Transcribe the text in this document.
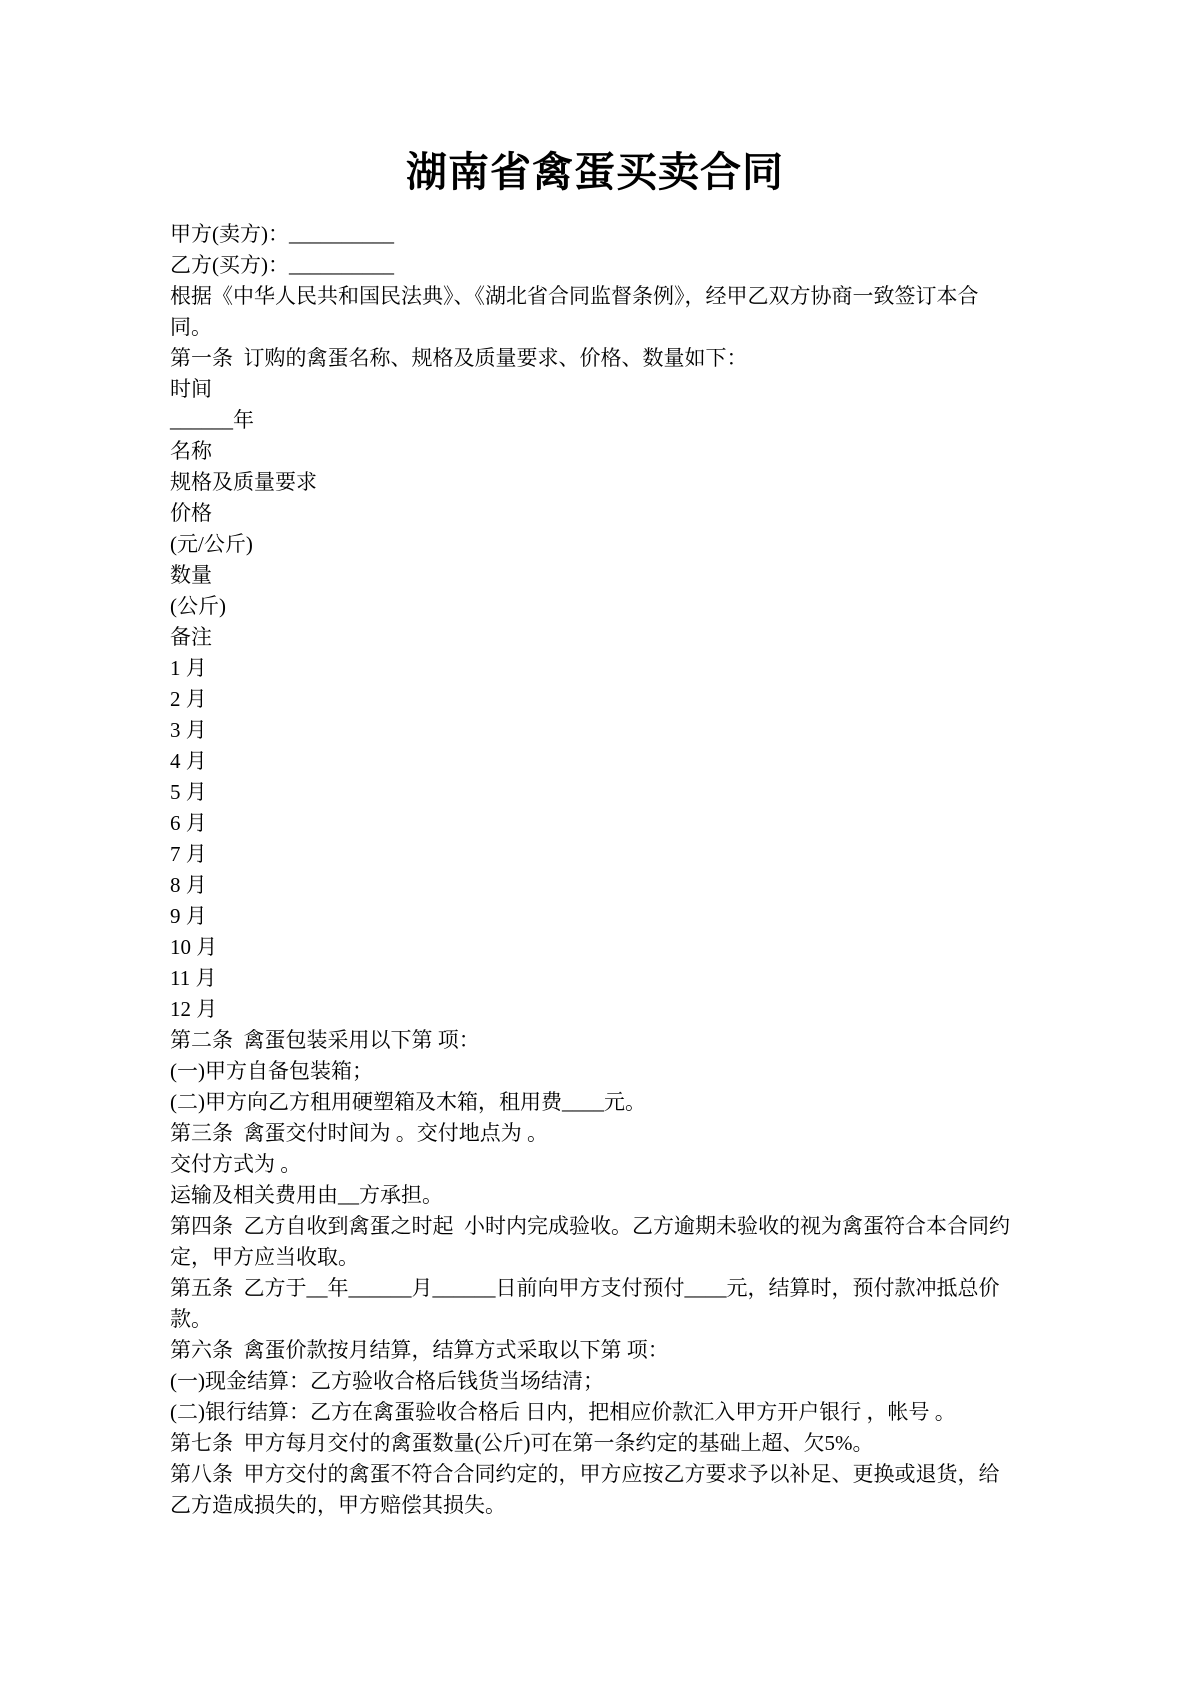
湖南省禽蛋买卖合同

甲方(卖方)：__________

乙方(买方)：__________

根据《中华人民共和国民法典》、《湖北省合同监督条例》，经甲乙双方协商一致签订本合同。

第一条  订购的禽蛋名称、规格及质量要求、价格、数量如下：

时间

______年

名称

规格及质量要求

价格

(元/公斤)

数量

(公斤)

备注

1 月

2 月

3 月

4 月

5 月

6 月

7 月

8 月

9 月

10 月

11 月

12 月

第二条  禽蛋包装采用以下第 项：

(一)甲方自备包装箱；

(二)甲方向乙方租用硬塑箱及木箱，租用费____元。

第三条  禽蛋交付时间为 。交付地点为 。

交付方式为 。

运输及相关费用由__方承担。

第四条  乙方自收到禽蛋之时起  小时内完成验收。乙方逾期未验收的视为禽蛋符合本合同约定，甲方应当收取。

第五条  乙方于__年______月______日前向甲方支付预付____元，结算时，预付款冲抵总价款。

第六条  禽蛋价款按月结算，结算方式采取以下第 项：

(一)现金结算：乙方验收合格后钱货当场结清；

(二)银行结算：乙方在禽蛋验收合格后 日内，把相应价款汇入甲方开户银行 ，帐号 。

第七条  甲方每月交付的禽蛋数量(公斤)可在第一条约定的基础上超、欠5%。

第八条  甲方交付的禽蛋不符合合同约定的，甲方应按乙方要求予以补足、更换或退货，给乙方造成损失的，甲方赔偿其损失。
